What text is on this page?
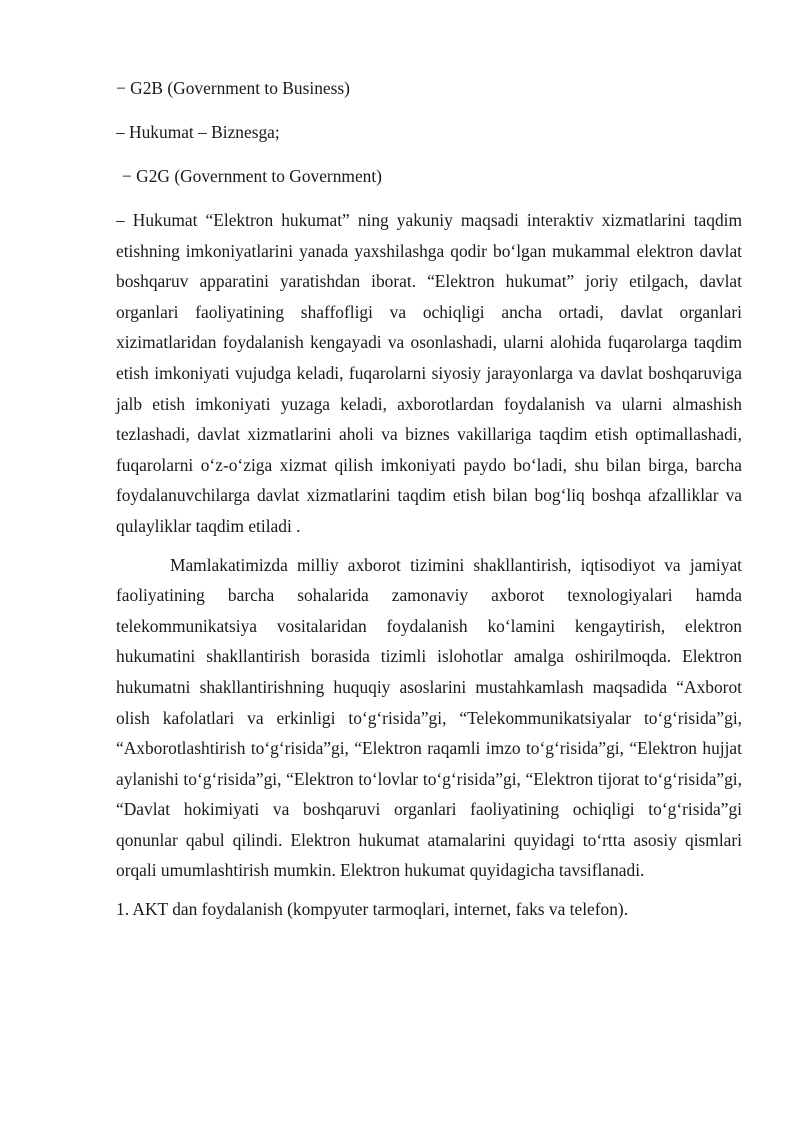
− G2B (Government to Business)

– Hukumat – Biznesga;

− G2G (Government to Government)

– Hukumat “Elektron hukumat” ning yakuniy maqsadi interaktiv xizmatlarini taqdim etishning imkoniyatlarini yanada yaxshilashga qodir bo‘lgan mukammal elektron davlat boshqaruv apparatini yaratishdan iborat. “Elektron hukumat” joriy etilgach, davlat organlari faoliyatining shaffofligi va ochiqligi ancha ortadi, davlat organlari xizimatlaridan foydalanish kengayadi va osonlashadi, ularni alohida fuqarolarga taqdim etish imkoniyati vujudga keladi, fuqarolarni siyosiy jarayonlarga va davlat boshqaruviga jalb etish imkoniyati yuzaga keladi, axborotlardan foydalanish va ularni almashish tezlashadi, davlat xizmatlarini aholi va biznes vakillariga taqdim etish optimallashadi, fuqarolarni o‘z-o‘ziga xizmat qilish imkoniyati paydo bo‘ladi, shu bilan birga, barcha foydalanuvchilarga davlat xizmatlarini taqdim etish bilan bog‘liq boshqa afzalliklar va qulayliklar taqdim etiladi .

Mamlakatimizda milliy axborot tizimini shakllantirish, iqtisodiyot va jamiyat faoliyatining barcha sohalarida zamonaviy axborot texnologiyalari hamda telekommunikatsiya vositalaridan foydalanish ko‘lamini kengaytirish, elektron hukumatini shakllantirish borasida tizimli islohotlar amalga oshirilmoqda. Elektron hukumatni shakllantirishning huquqiy asoslarini mustahkamlash maqsadida “Axborot olish kafolatlari va erkinligi to‘g‘risida”gi, “Telekommunikatsiyalar to‘g‘risida”gi, “Axborotlashtirish to‘g‘risida”gi, “Elektron raqamli imzo to‘g‘risida”gi, “Elektron hujjat aylanishi to‘g‘risida”gi, “Elektron to‘lovlar to‘g‘risida”gi, “Elektron tijorat to‘g‘risida”gi, “Davlat hokimiyati va boshqaruvi organlari faoliyatining ochiqligi to‘g‘risida”gi qonunlar qabul qilindi. Elektron hukumat atamalarini quyidagi to‘rtta asosiy qismlari orqali umumlashtirish mumkin. Elektron hukumat quyidagicha tavsiflanadi.

1. AKT dan foydalanish (kompyuter tarmoqlari, internet, faks va telefon).
